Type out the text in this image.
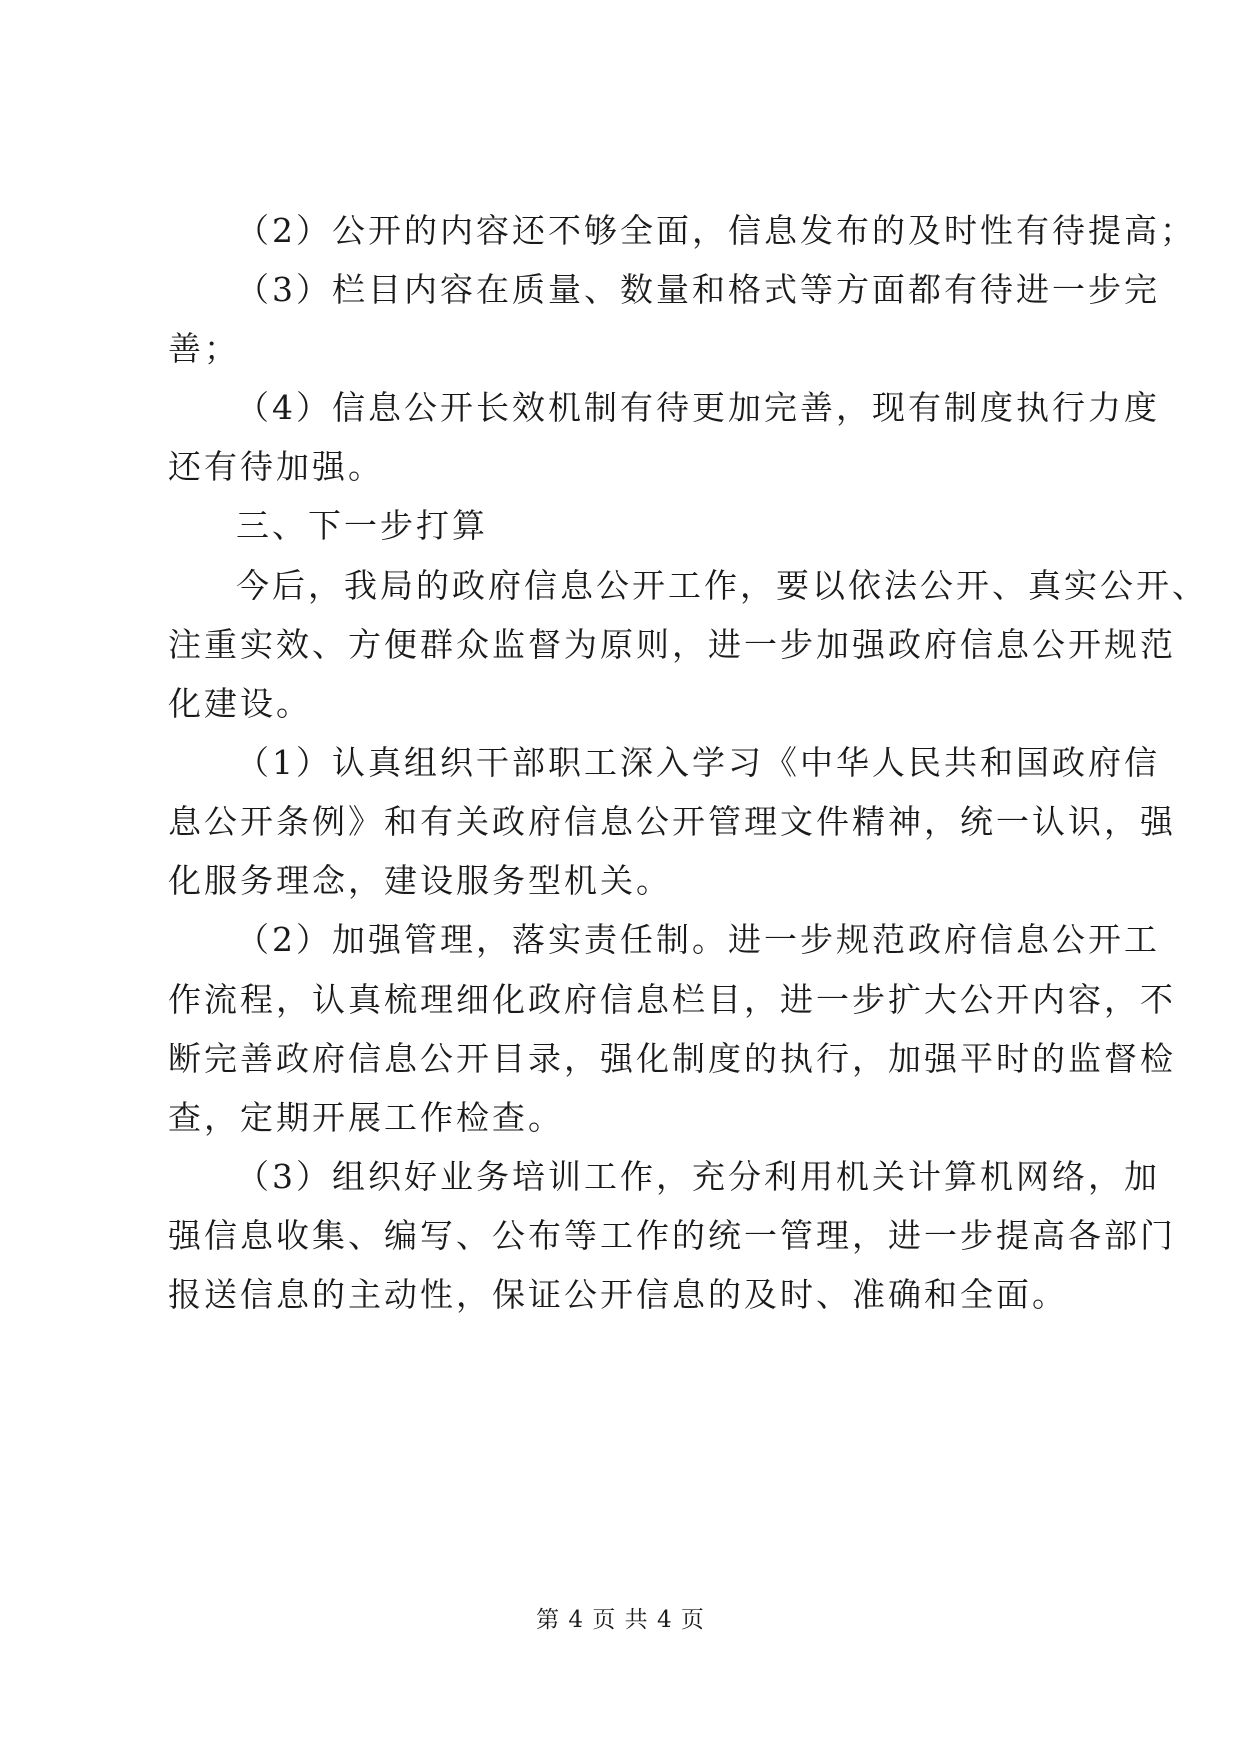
（2）公开的内容还不够全面，信息发布的及时性有待提高；
（3）栏目内容在质量、数量和格式等方面都有待进一步完
善；
（4）信息公开长效机制有待更加完善，现有制度执行力度
还有待加强。
三、下一步打算
今后，我局的政府信息公开工作，要以依法公开、真实公开、
注重实效、方便群众监督为原则，进一步加强政府信息公开规范
化建设。
（1）认真组织干部职工深入学习《中华人民共和国政府信
息公开条例》和有关政府信息公开管理文件精神，统一认识，强
化服务理念，建设服务型机关。
（2）加强管理，落实责任制。进一步规范政府信息公开工
作流程，认真梳理细化政府信息栏目，进一步扩大公开内容，不
断完善政府信息公开目录，强化制度的执行，加强平时的监督检
查，定期开展工作检查。
（3）组织好业务培训工作，充分利用机关计算机网络，加
强信息收集、编写、公布等工作的统一管理，进一步提高各部门
报送信息的主动性，保证公开信息的及时、准确和全面。
第 4 页 共 4 页
